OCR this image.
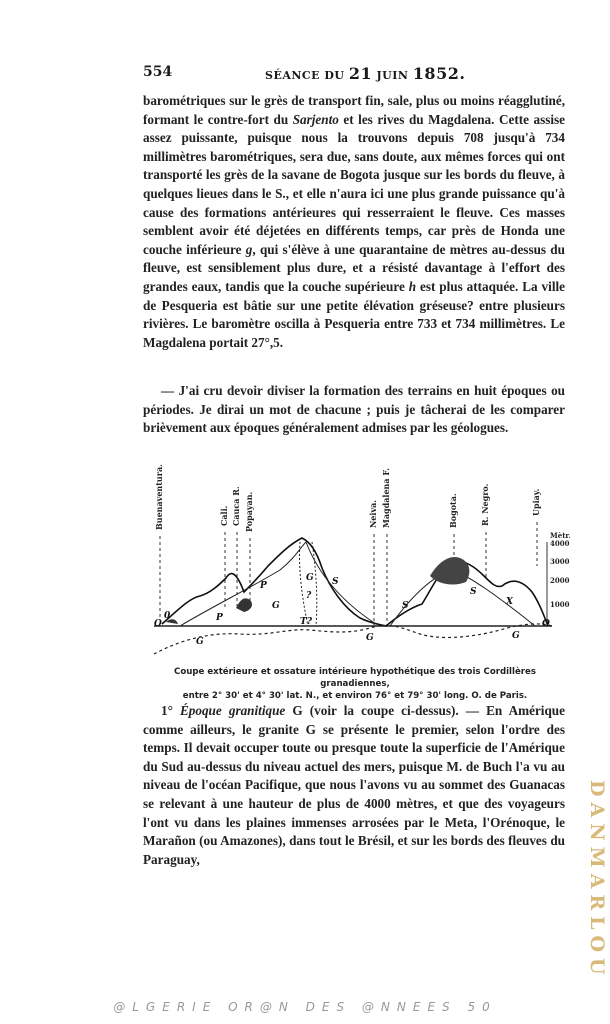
554	SÉANCE DU 21 JUIN 1852.
barométriques sur le grès de transport fin, sale, plus ou moins réagglutiné, formant le contre-fort du Sarjento et les rives du Magdalena. Cette assise assez puissante, puisque nous la trouvons depuis 708 jusqu'à 734 millimètres barométriques, sera due, sans doute, aux mêmes forces qui ont transporté les grès de la savane de Bogota jusque sur les bords du fleuve, à quelques lieues dans le S., et elle n'aura ici une plus grande puissance qu'à cause des formations antérieures qui resserraient le fleuve. Ces masses semblent avoir été déjetées en différents temps, car près de Honda une couche inférieure g, qui s'élève à une quarantaine de mètres au-dessus du fleuve, est sensiblement plus dure, et a résisté davantage à l'effort des grandes eaux, tandis que la couche supérieure h est plus attaquée. La ville de Pesqueria est bâtie sur une petite élévation gréseuse? entre plusieurs rivières. Le baromètre oscilla à Pesqueria entre 733 et 734 millimètres. Le Magdalena portait 27°,5.
— J'ai cru devoir diviser la formation des terrains en huit époques ou périodes. Je dirai un mot de chacune ; puis je tâcherai de les comparer brièvement aux époques généralement admises par les géologues.
Buenaventura.	Cali. Cauca R. Popayan.	Neiva. Magdalena F.	Bogota.	R. Negro.	Upiay.
Mètr.
4000
3000
2000
1000
O
0
O
G	G	G
G
G
T?
S
S
S
P
P
X
?
Coupe extérieure et ossature intérieure hypothétique des trois Cordillères granadiennes,
entre 2° 30' et 4° 30' lat. N., et environ 76° et 79° 30' long. O. de Paris.
1° Époque granitique G (voir la coupe ci-dessus). — En Amérique comme ailleurs, le granite G se présente le premier, selon l'ordre des temps. Il devait occuper toute ou presque toute la superficie de l'Amérique du Sud au-dessus du niveau actuel des mers, puisque M. de Buch l'a vu au niveau de l'océan Pacifique, que nous l'avons vu au sommet des Guanacas se relevant à une hauteur de plus de 4000 mètres, et que des voyageurs l'ont vu dans les plaines immenses arrosées par le Meta, l'Orénoque, le Marañon (ou Amazones), dans tout le Brésil, et sur les bords des fleuves du Paraguay,	DANMARLOU
@LGERIE OR@N DES @NNEES 50
